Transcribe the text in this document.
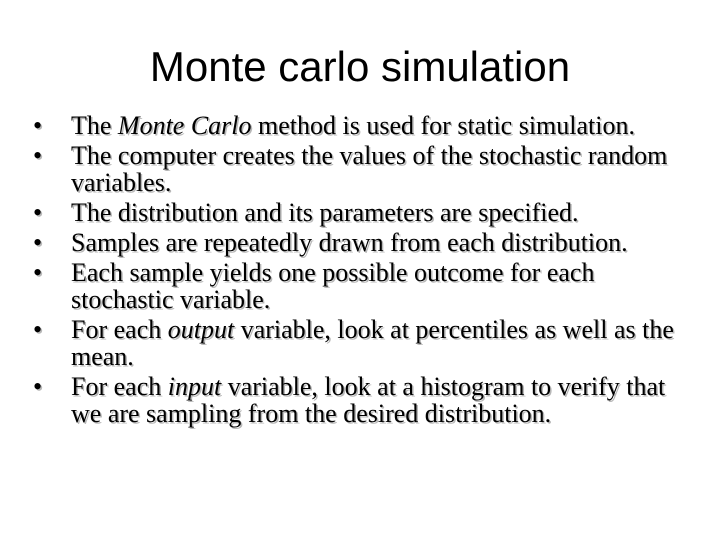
Monte carlo simulation
•	The Monte Carlo method is used for static simulation.
•	The computer creates the values of the stochastic random variables.
•	The distribution and its parameters are specified.
•	Samples are repeatedly drawn from each distribution.
•	Each sample yields one possible outcome for each stochastic variable.
•	For each output variable, look at percentiles as well as the mean.
•	For each input variable, look at a histogram to verify that we are sampling from the desired distribution.
